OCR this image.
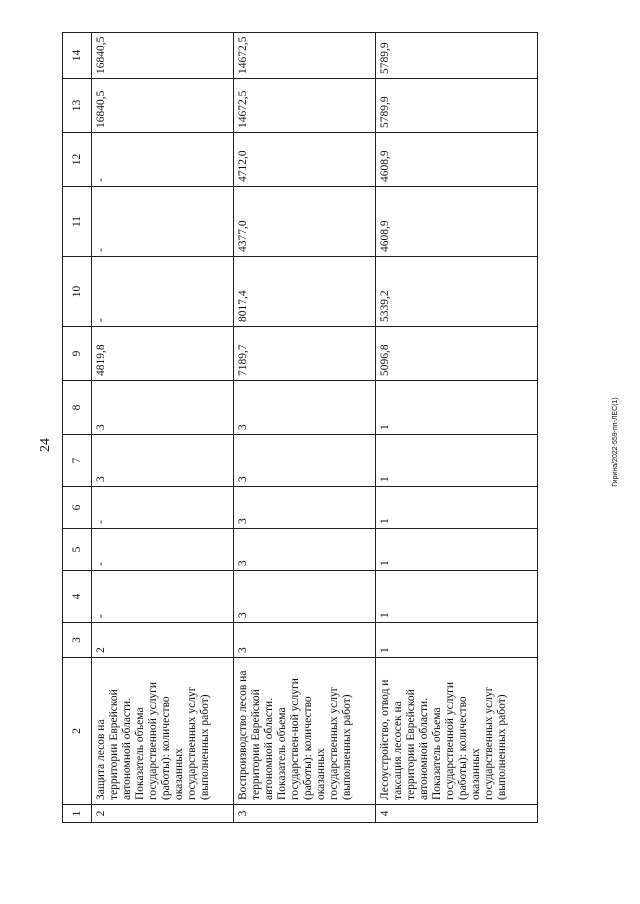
24	Гирина/2022-559-пп-ЛЕС(1)
1	2	3	4	5	6	7	8	9	10	11	12	13	14
2	Защита лесов на территории Еврейской автономной области. Показатель объема государственной услуги (работы): количество оказанных государственных услуг (выполненных работ)	2	-	-	-	3	3	4819,8	-	-	-	16840,5	16840,5
3	Воспроизводство лесов на территории Еврейской автономной области. Показатель объема государствен-ной услуги (работы): количество оказанных государственных услуг (выполненных работ)	3	3	3	3	3	3	7189,7	8017,4	4377,0	4712,0	14672,5	14672,5
4	Лесоустройство, отвод и таксация лесосек на территории Еврейской автономной области. Показатель объема государственной услуги (работы): количество оказанных государственных услуг (выполненных работ)	1	1	1	1	1	1	5096,8	5339,2	4608,9	4608,9	5789,9	5789,9
